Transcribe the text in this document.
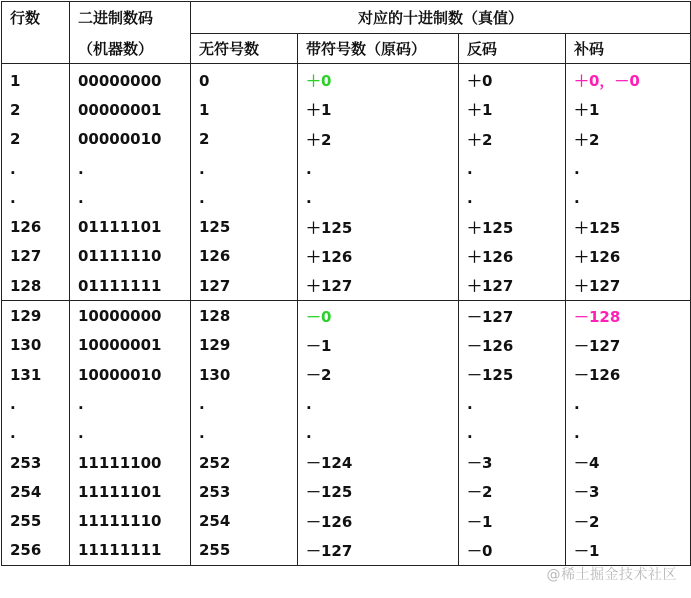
行数	二进制数码	对应的十进制数（真值）			
	（机器数）	无符号数	带符号数（原码）	反码	补码
1	00000000	0	＋0	＋0	＋0，－0
2	00000001	1	＋1	＋1	＋1
2	00000010	2	＋2	＋2	＋2
.	.	.	.	.	.
.	.	.	.	.	.
126	01111101	125	＋125	＋125	＋125
127	01111110	126	＋126	＋126	＋126
128	01111111	127	＋127	＋127	＋127
129	10000000	128	－0	－127	－128
130	10000001	129	－1	－126	－127
131	10000010	130	－2	－125	－126
.	.	.	.	.	.
.	.	.	.	.	.
253	11111100	252	－124	－3	－4
254	11111101	253	－125	－2	－3
255	11111110	254	－126	－1	－2
256	11111111	255	－127	－0	－1
@稀土掘金技术社区
